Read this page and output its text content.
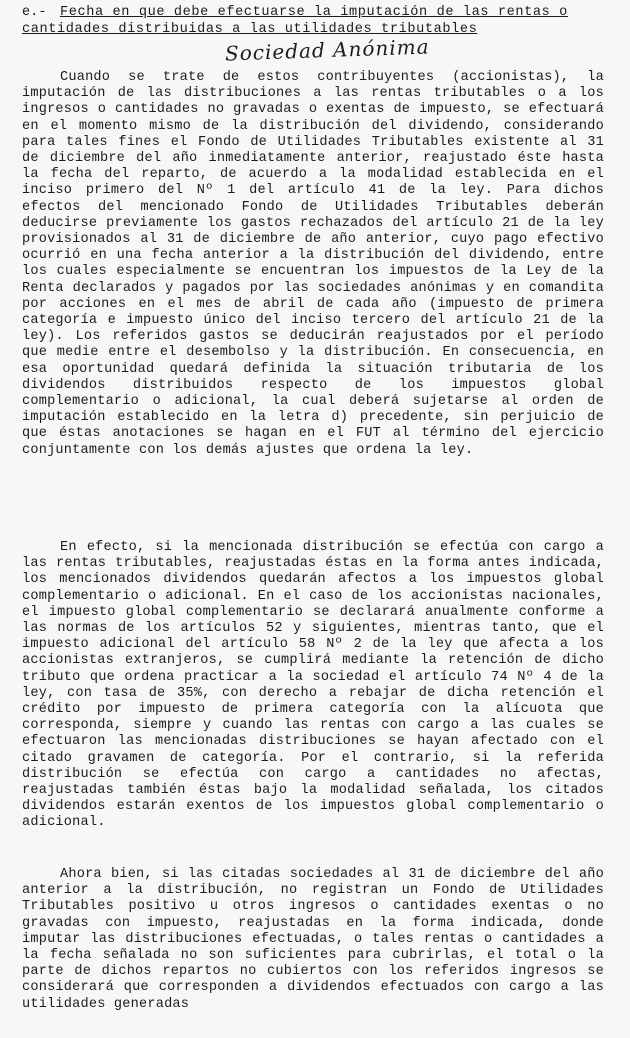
e.- Fecha en que debe efectuarse la imputación de las rentas o cantidades distribuidas a las utilidades tributables
Sociedad Anónima
Cuando se trate de estos contribuyentes (accionistas), la imputación de las distribuciones a las rentas tributables o a los ingresos o cantidades no gravadas o exentas de impuesto, se efectuará en el momento mismo de la distribución del dividendo, considerando para tales fines el Fondo de Utilidades Tributables existente al 31 de diciembre del año inmediatamente anterior, reajustado éste hasta la fecha del reparto, de acuerdo a la modalidad establecida en el inciso primero del Nº 1 del artículo 41 de la ley. Para dichos efectos del mencionado Fondo de Utilidades Tributables deberán deducirse previamente los gastos rechazados del artículo 21 de la ley provisionados al 31 de diciembre de año anterior, cuyo pago efectivo ocurrió en una fecha anterior a la distribución del dividendo, entre los cuales especialmente se encuentran los impuestos de la Ley de la Renta declarados y pagados por las sociedades anónimas y en comandita por acciones en el mes de abril de cada año (impuesto de primera categoría e impuesto único del inciso tercero del artículo 21 de la ley). Los referidos gastos se deducirán reajustados por el período que medie entre el desembolso y la distribución. En consecuencia, en esa oportunidad quedará definida la situación tributaria de los dividendos distribuidos respecto de los impuestos global complementario o adicional, la cual deberá sujetarse al orden de imputación establecido en la letra d) precedente, sin perjuicio de que éstas anotaciones se hagan en el FUT al término del ejercicio conjuntamente con los demás ajustes que ordena la ley.
En efecto, si la mencionada distribución se efectúa con cargo a las rentas tributables, reajustadas éstas en la forma antes indicada, los mencionados dividendos quedarán afectos a los impuestos global complementario o adicional. En el caso de los accionistas nacionales, el impuesto global complementario se declarará anualmente conforme a las normas de los artículos 52 y siguientes, mientras tanto, que el impuesto adicional del artículo 58 Nº 2 de la ley que afecta a los accionistas extranjeros, se cumplirá mediante la retención de dicho tributo que ordena practicar a la sociedad el artículo 74 Nº 4 de la ley, con tasa de 35%, con derecho a rebajar de dicha retención el crédito por impuesto de primera categoría con la alícuota que corresponda, siempre y cuando las rentas con cargo a las cuales se efectuaron las mencionadas distribuciones se hayan afectado con el citado gravamen de categoría. Por el contrario, si la referida distribución se efectúa con cargo a cantidades no afectas, reajustadas también éstas bajo la modalidad señalada, los citados dividendos estarán exentos de los impuestos global complementario o adicional.
Ahora bien, si las citadas sociedades al 31 de diciembre del año anterior a la distribución, no registran un Fondo de Utilidades Tributables positivo u otros ingresos o cantidades exentas o no gravadas con impuesto, reajustadas en la forma indicada, donde imputar las distribuciones efectuadas, o tales rentas o cantidades a la fecha señalada no son suficientes para cubrirlas, el total o la parte de dichos repartos no cubiertos con los referidos ingresos se considerará que corresponden a dividendos efectuados con cargo a las utilidades generadas
